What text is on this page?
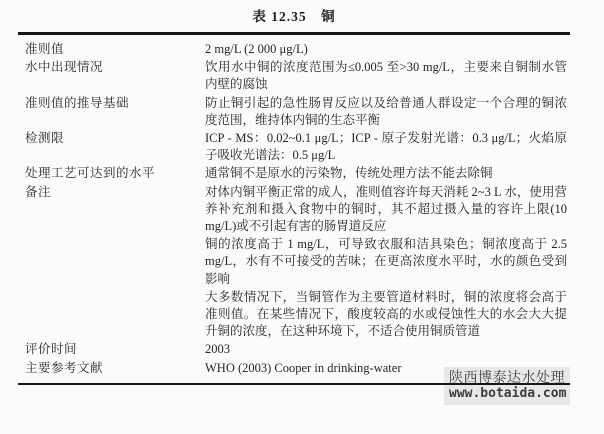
陕西博泰达水处理
www.botaida.com
表 12.35　铜
准则值	2 mg/L (2 000 μg/L)
水中出现情况	饮用水中铜的浓度范围为≤0.005 至>30 mg/L，主要来自铜制水管内壁的腐蚀
准则值的推导基础	防止铜引起的急性肠胃反应以及给普通人群设定一个合理的铜浓度范围，维持体内铜的生态平衡
检测限	ICP - MS：0.02~0.1 μg/L；ICP - 原子发射光谱：0.3 μg/L；火焰原子吸收光谱法：0.5 μg/L
处理工艺可达到的水平	通常铜不是原水的污染物，传统处理方法不能去除铜
备注	对体内铜平衡正常的成人，准则值容许每天消耗 2~3 L 水，使用营养补充剂和摄入食物中的铜时，其不超过摄入量的容许上限(10 mg/L)或不引起有害的肠胃道反应

铜的浓度高于 1 mg/L，可导致衣服和洁具染色；铜浓度高于 2.5 mg/L，水有不可接受的苦味；在更高浓度水平时，水的颜色受到影响

大多数情况下，当铜管作为主要管道材料时，铜的浓度将会高于准则值。在某些情况下，酸度较高的水或侵蚀性大的水会大大提升铜的浓度，在这种环境下，不适合使用铜质管道

评价时间	2003
主要参考文献	WHO (2003) Cooper in drinking-water
